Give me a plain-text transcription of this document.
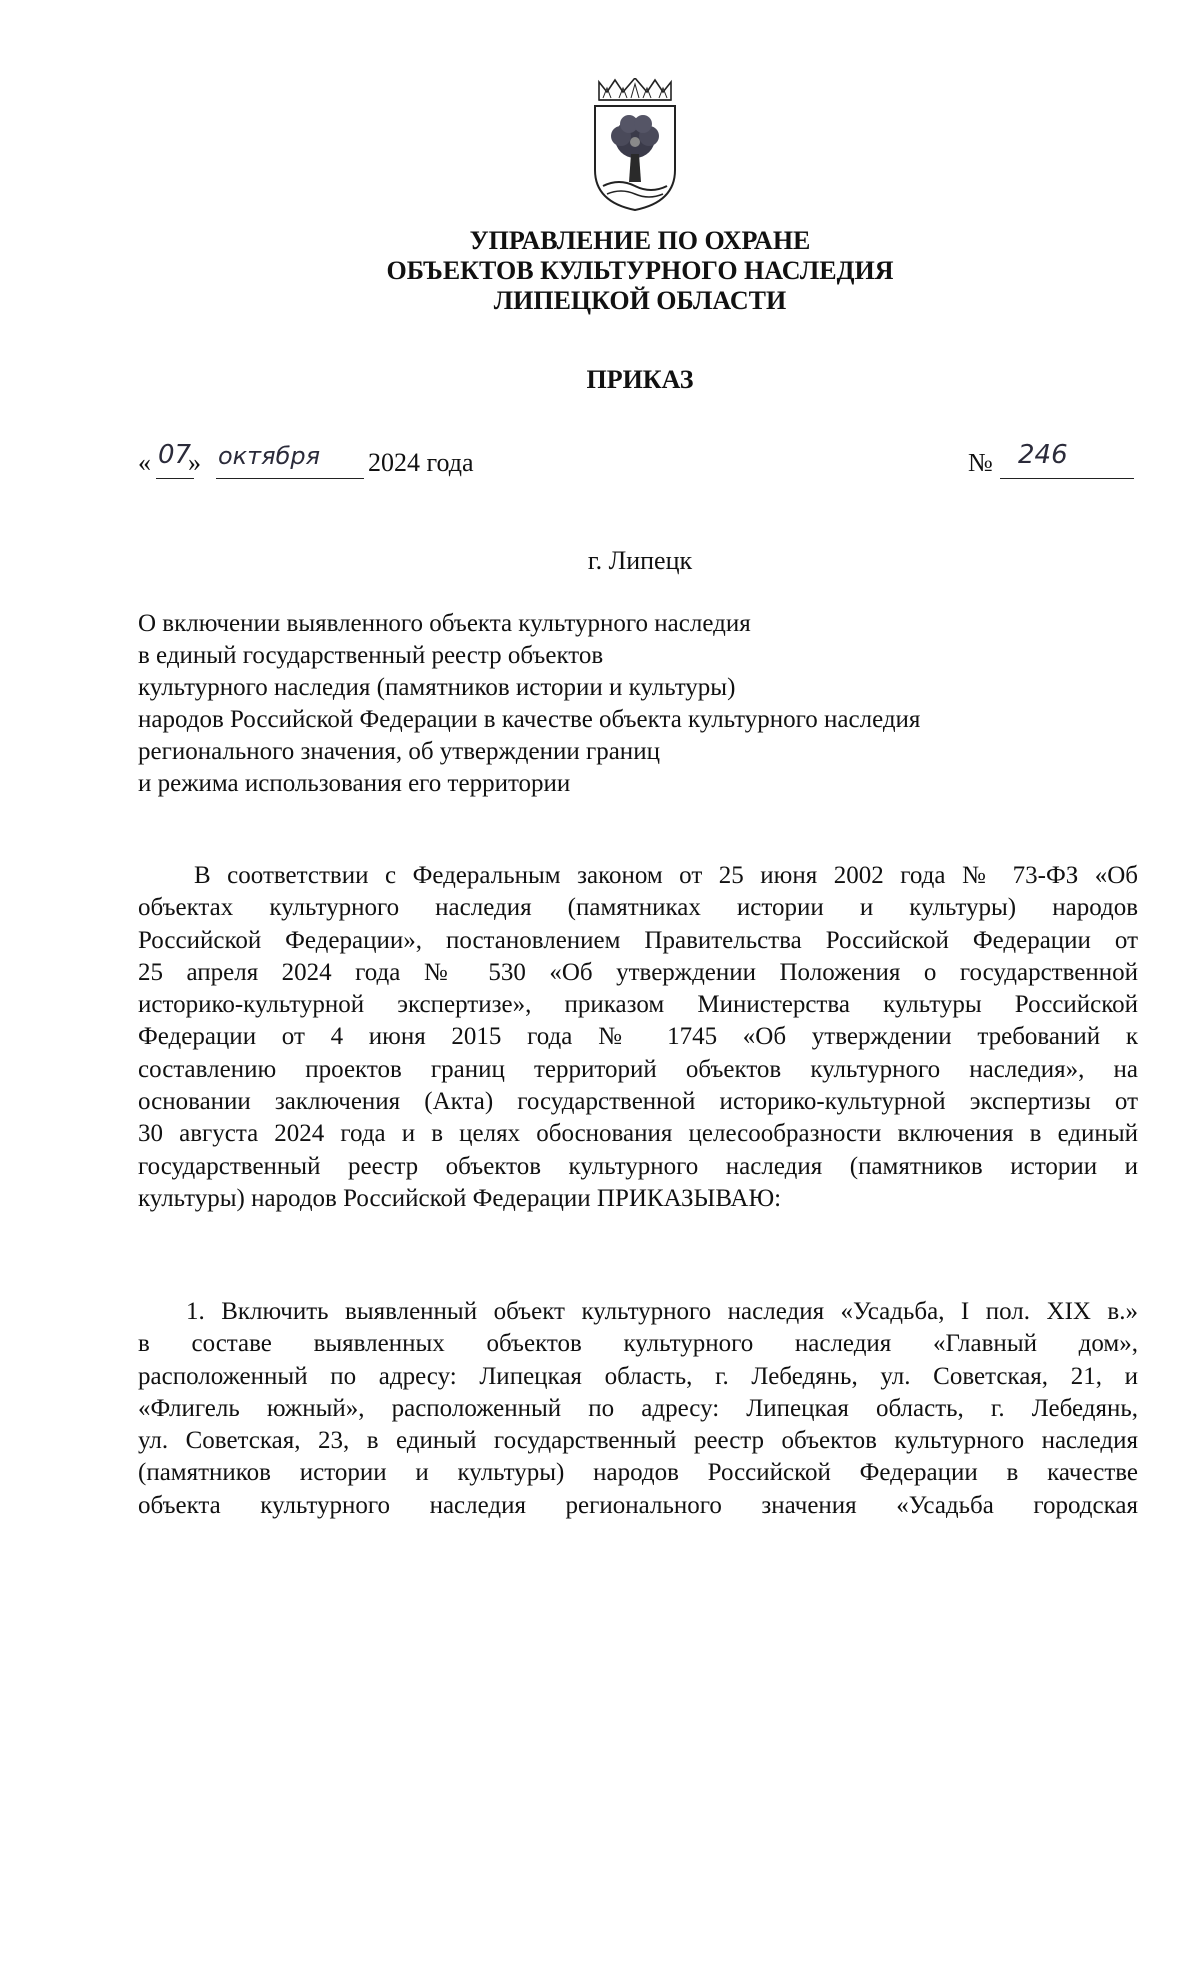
УПРАВЛЕНИЕ ПО ОХРАНЕ
ОБЪЕКТОВ КУЛЬТУРНОГО НАСЛЕДИЯ
ЛИПЕЦКОЙ ОБЛАСТИ
ПРИКАЗ
« 07
» октября 2024 года	№ 246
г. Липецк
О включении выявленного объекта культурного наследия
в единый государственный реестр объектов
культурного наследия (памятников истории и культуры)
народов Российской Федерации в качестве объекта культурного наследия
регионального значения, об утверждении границ
и режима использования его территории
В соответствии с Федеральным законом от 25 июня 2002 года № 73-ФЗ «Об
объектах культурного наследия (памятниках истории и культуры) народов
Российской Федерации», постановлением Правительства Российской Федерации от
25 апреля 2024 года № 530 «Об утверждении Положения о государственной
историко-культурной экспертизе», приказом Министерства культуры Российской
Федерации от 4 июня 2015 года № 1745 «Об утверждении требований к
составлению проектов границ территорий объектов культурного наследия», на
основании заключения (Акта) государственной историко-культурной экспертизы от
30 августа 2024 года и в целях обоснования целесообразности включения в единый
государственный реестр объектов культурного наследия (памятников истории и
культуры) народов Российской Федерации ПРИКАЗЫВАЮ:
1. Включить выявленный объект культурного наследия «Усадьба, I пол. XIX в.»
в составе выявленных объектов культурного наследия «Главный дом»,
расположенный по адресу: Липецкая область, г. Лебедянь, ул. Советская, 21, и
«Флигель южный», расположенный по адресу: Липецкая область, г. Лебедянь,
ул. Советская, 23, в единый государственный реестр объектов культурного наследия
(памятников истории и культуры) народов Российской Федерации в качестве
объекта культурного наследия регионального значения «Усадьба городская
